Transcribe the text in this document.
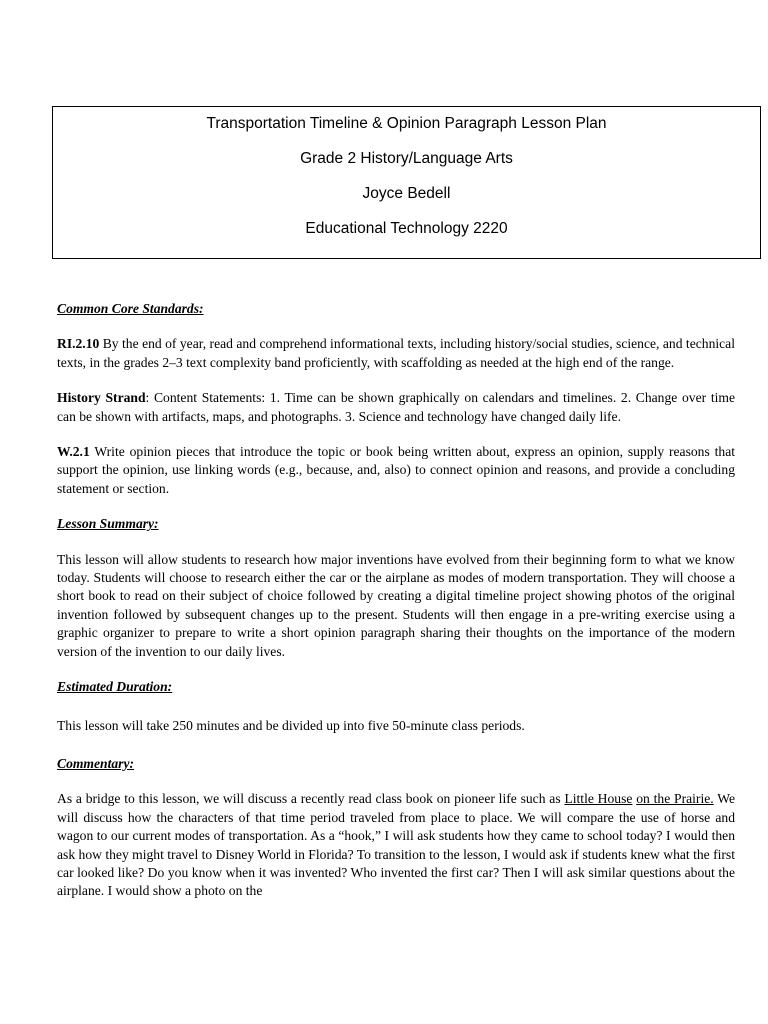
Transportation Timeline & Opinion Paragraph Lesson Plan
Grade 2 History/Language Arts
Joyce Bedell
Educational Technology 2220

Common Core Standards:

RI.2.10 By the end of year, read and comprehend informational texts, including history/social studies, science, and technical texts, in the grades 2–3 text complexity band proficiently, with scaffolding as needed at the high end of the range.

History Strand: Content Statements: 1. Time can be shown graphically on calendars and timelines. 2. Change over time can be shown with artifacts, maps, and photographs. 3. Science and technology have changed daily life.

W.2.1 Write opinion pieces that introduce the topic or book being written about, express an opinion, supply reasons that support the opinion, use linking words (e.g., because, and, also) to connect opinion and reasons, and provide a concluding statement or section.

Lesson Summary:

This lesson will allow students to research how major inventions have evolved from their beginning form to what we know today. Students will choose to research either the car or the airplane as modes of modern transportation. They will choose a short book to read on their subject of choice followed by creating a digital timeline project showing photos of the original invention followed by subsequent changes up to the present. Students will then engage in a pre-writing exercise using a graphic organizer to prepare to write a short opinion paragraph sharing their thoughts on the importance of the modern version of the invention to our daily lives.

Estimated Duration:

This lesson will take 250 minutes and be divided up into five 50-minute class periods.

Commentary:

As a bridge to this lesson, we will discuss a recently read class book on pioneer life such as Little House on the Prairie. We will discuss how the characters of that time period traveled from place to place. We will compare the use of horse and wagon to our current modes of transportation. As a “hook,” I will ask students how they came to school today? I would then ask how they might travel to Disney World in Florida? To transition to the lesson, I would ask if students knew what the first car looked like? Do you know when it was invented? Who invented the first car? Then I will ask similar questions about the airplane. I would show a photo on the
